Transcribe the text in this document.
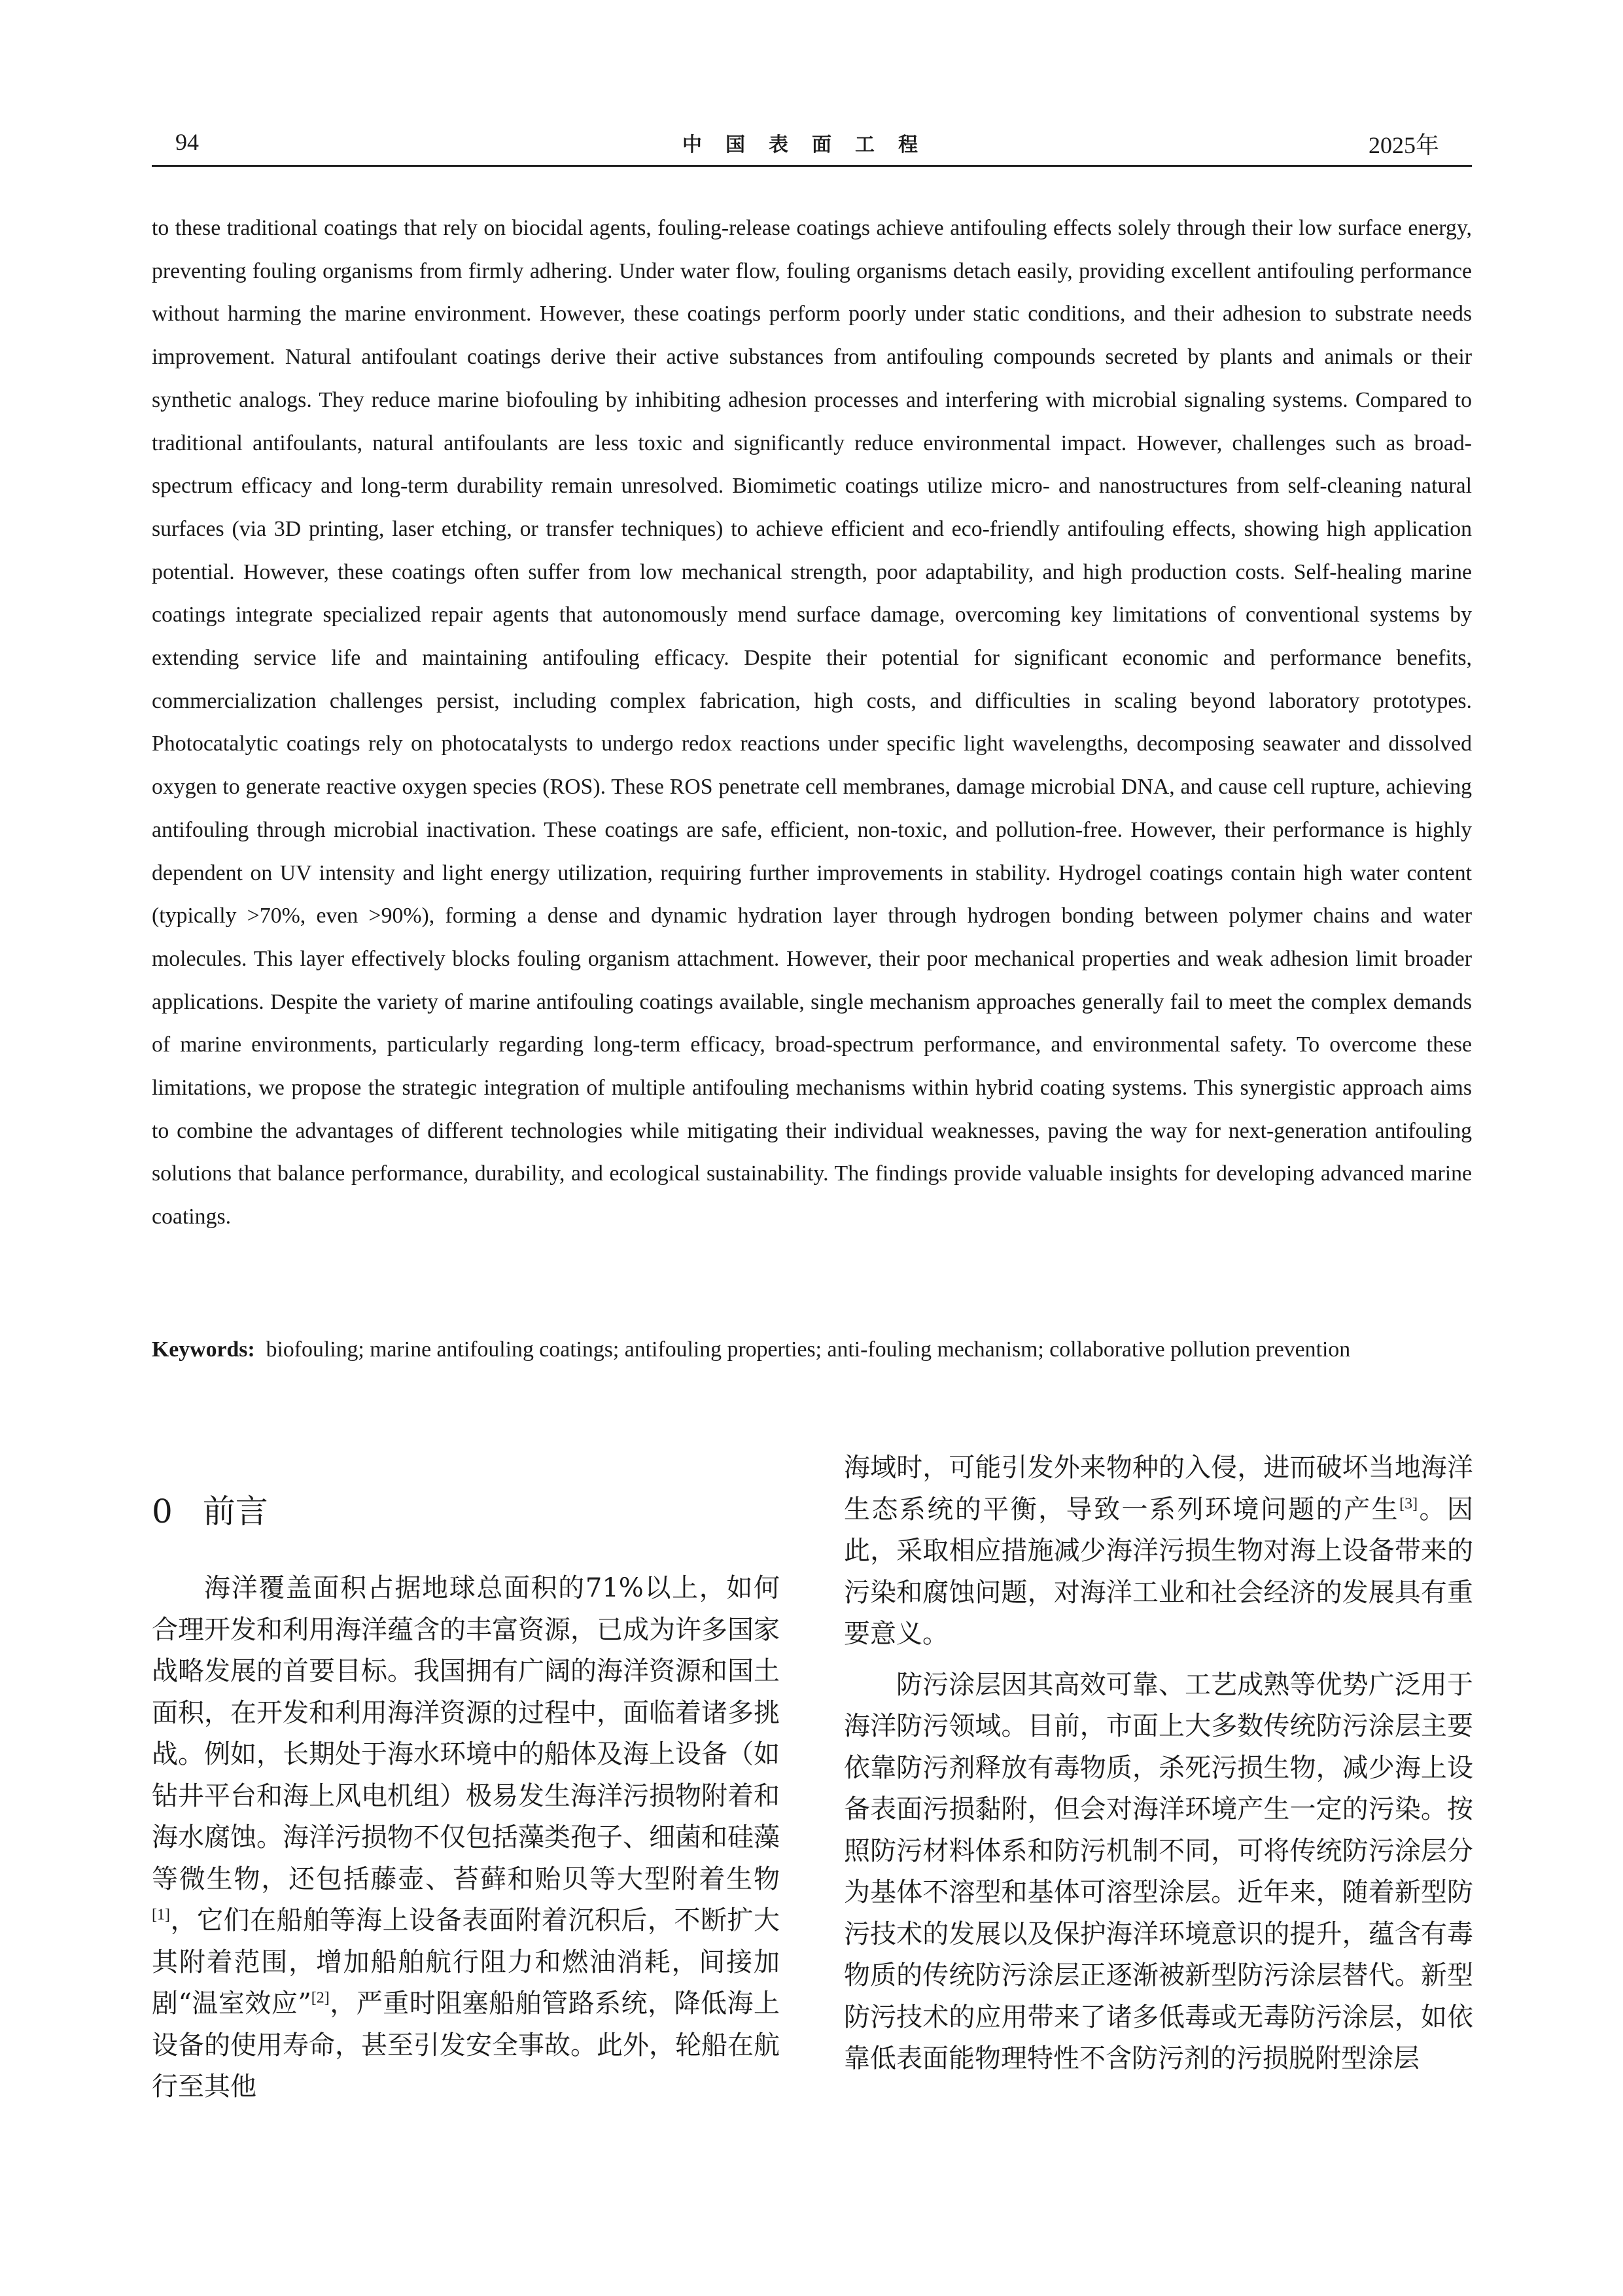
94	中国表面工程	2025年

to these traditional coatings that rely on biocidal agents, fouling-release coatings achieve antifouling effects solely through their low surface energy, preventing fouling organisms from firmly adhering. Under water flow, fouling organisms detach easily, providing excellent antifouling performance without harming the marine environment. However, these coatings perform poorly under static conditions, and their adhesion to substrate needs improvement. Natural antifoulant coatings derive their active substances from antifouling compounds secreted by plants and animals or their synthetic analogs. They reduce marine biofouling by inhibiting adhesion processes and interfering with microbial signaling systems. Compared to traditional antifoulants, natural antifoulants are less toxic and significantly reduce environmental impact. However, challenges such as broad-spectrum efficacy and long-term durability remain unresolved. Biomimetic coatings utilize micro- and nanostructures from self-cleaning natural surfaces (via 3D printing, laser etching, or transfer techniques) to achieve efficient and eco-friendly antifouling effects, showing high application potential. However, these coatings often suffer from low mechanical strength, poor adaptability, and high production costs. Self-healing marine coatings integrate specialized repair agents that autonomously mend surface damage, overcoming key limitations of conventional systems by extending service life and maintaining antifouling efficacy. Despite their potential for significant economic and performance benefits, commercialization challenges persist, including complex fabrication, high costs, and difficulties in scaling beyond laboratory prototypes. Photocatalytic coatings rely on photocatalysts to undergo redox reactions under specific light wavelengths, decomposing seawater and dissolved oxygen to generate reactive oxygen species (ROS). These ROS penetrate cell membranes, damage microbial DNA, and cause cell rupture, achieving antifouling through microbial inactivation. These coatings are safe, efficient, non-toxic, and pollution-free. However, their performance is highly dependent on UV intensity and light energy utilization, requiring further improvements in stability. Hydrogel coatings contain high water content (typically >70%, even >90%), forming a dense and dynamic hydration layer through hydrogen bonding between polymer chains and water molecules. This layer effectively blocks fouling organism attachment. However, their poor mechanical properties and weak adhesion limit broader applications. Despite the variety of marine antifouling coatings available, single mechanism approaches generally fail to meet the complex demands of marine environments, particularly regarding long-term efficacy, broad-spectrum performance, and environmental safety. To overcome these limitations, we propose the strategic integration of multiple antifouling mechanisms within hybrid coating systems. This synergistic approach aims to combine the advantages of different technologies while mitigating their individual weaknesses, paving the way for next-generation antifouling solutions that balance performance, durability, and ecological sustainability. The findings provide valuable insights for developing advanced marine coatings.

Keywords: biofouling; marine antifouling coatings; antifouling properties; anti-fouling mechanism; collaborative pollution prevention
0 前言

海洋覆盖面积占据地球总面积的71%以上，如何合理开发和利用海洋蕴含的丰富资源，已成为许多国家战略发展的首要目标。我国拥有广阔的海洋资源和国土面积，在开发和利用海洋资源的过程中，面临着诸多挑战。例如，长期处于海水环境中的船体及海上设备（如钻井平台和海上风电机组）极易发生海洋污损物附着和海水腐蚀。海洋污损物不仅包括藻类孢子、细菌和硅藻等微生物，还包括藤壶、苔藓和贻贝等大型附着生物[1]，它们在船舶等海上设备表面附着沉积后，不断扩大其附着范围，增加船舶航行阻力和燃油消耗，间接加剧“温室效应”[2]，严重时阻塞船舶管路系统，降低海上设备的使用寿命，甚至引发安全事故。此外，轮船在航行至其他

海域时，可能引发外来物种的入侵，进而破坏当地海洋生态系统的平衡，导致一系列环境问题的产生[3]。因此，采取相应措施减少海洋污损生物对海上设备带来的污染和腐蚀问题，对海洋工业和社会经济的发展具有重要意义。

防污涂层因其高效可靠、工艺成熟等优势广泛用于海洋防污领域。目前，市面上大多数传统防污涂层主要依靠防污剂释放有毒物质，杀死污损生物，减少海上设备表面污损黏附，但会对海洋环境产生一定的污染。按照防污材料体系和防污机制不同，可将传统防污涂层分为基体不溶型和基体可溶型涂层。近年来，随着新型防污技术的发展以及保护海洋环境意识的提升，蕴含有毒物质的传统防污涂层正逐渐被新型防污涂层替代。新型防污技术的应用带来了诸多低毒或无毒防污涂层，如依靠低表面能物理特性不含防污剂的污损脱附型涂层
